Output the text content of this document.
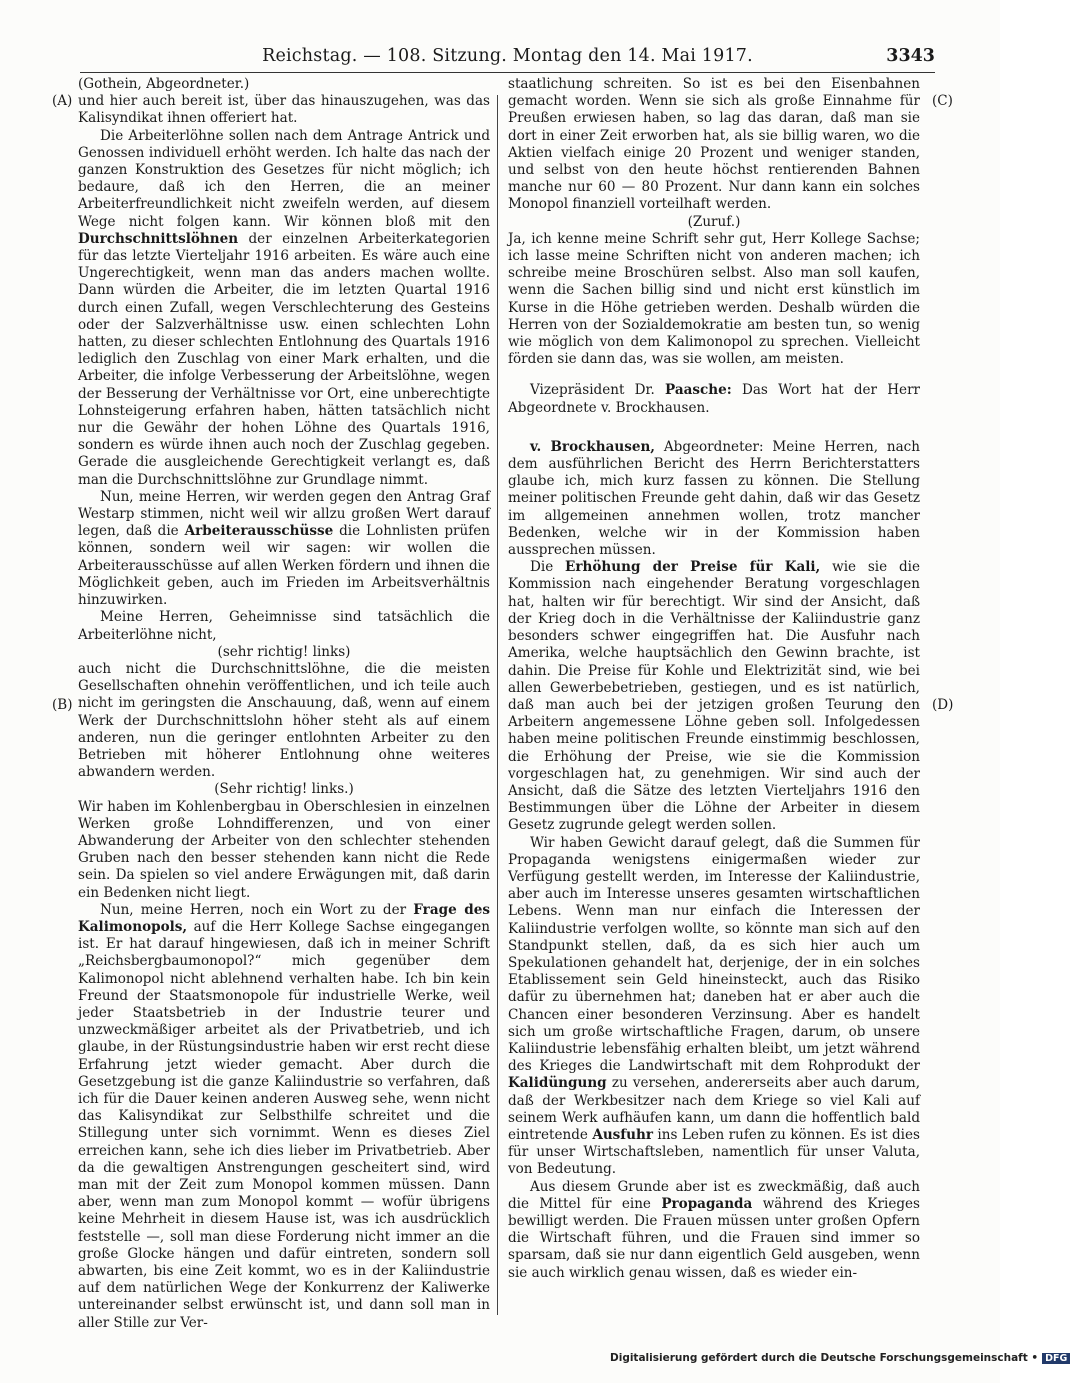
Reichstag. — 108. Sitzung. Montag den 14. Mai 1917.	3343
(A)
(B)
(C)
(D)

(Gothein, Abgeordneter.)

und hier auch bereit ist, über das hinauszugehen, was das Kalisyndikat ihnen offeriert hat.

Die Arbeiterlöhne sollen nach dem Antrage Antrick und Genossen individuell erhöht werden. Ich halte das nach der ganzen Konstruktion des Gesetzes für nicht möglich; ich bedaure, daß ich den Herren, die an meiner Arbeiterfreundlichkeit nicht zweifeln werden, auf diesem Wege nicht folgen kann. Wir können bloß mit den Durchschnittslöhnen der einzelnen Arbeiterkategorien für das letzte Vierteljahr 1916 arbeiten. Es wäre auch eine Ungerechtigkeit, wenn man das anders machen wollte. Dann würden die Arbeiter, die im letzten Quartal 1916 durch einen Zufall, wegen Verschlechterung des Gesteins oder der Salzverhältnisse usw. einen schlechten Lohn hatten, zu dieser schlechten Entlohnung des Quartals 1916 lediglich den Zuschlag von einer Mark erhalten, und die Arbeiter, die infolge Verbesserung der Arbeitslöhne, wegen der Besserung der Verhältnisse vor Ort, eine unberechtigte Lohnsteigerung erfahren haben, hätten tatsächlich nicht nur die Gewähr der hohen Löhne des Quartals 1916, sondern es würde ihnen auch noch der Zuschlag gegeben. Gerade die ausgleichende Gerechtigkeit verlangt es, daß man die Durchschnittslöhne zur Grundlage nimmt.

Nun, meine Herren, wir werden gegen den Antrag Graf Westarp stimmen, nicht weil wir allzu großen Wert darauf legen, daß die Arbeiterausschüsse die Lohnlisten prüfen können, sondern weil wir sagen: wir wollen die Arbeiterausschüsse auf allen Werken fördern und ihnen die Möglichkeit geben, auch im Frieden im Arbeitsverhältnis hinzuwirken.

Meine Herren, Geheimnisse sind tatsächlich die Arbeiterlöhne nicht,

(sehr richtig! links)

auch nicht die Durchschnittslöhne, die die meisten Gesellschaften ohnehin veröffentlichen, und ich teile auch nicht im geringsten die Anschauung, daß, wenn auf einem Werk der Durchschnittslohn höher steht als auf einem anderen, nun die geringer entlohnten Arbeiter zu den Betrieben mit höherer Entlohnung ohne weiteres abwandern werden.

(Sehr richtig! links.)

Wir haben im Kohlenbergbau in Oberschlesien in einzelnen Werken große Lohndifferenzen, und von einer Abwanderung der Arbeiter von den schlechter stehenden Gruben nach den besser stehenden kann nicht die Rede sein. Da spielen so viel andere Erwägungen mit, daß darin ein Bedenken nicht liegt.

Nun, meine Herren, noch ein Wort zu der Frage des Kalimonopols, auf die Herr Kollege Sachse eingegangen ist. Er hat darauf hingewiesen, daß ich in meiner Schrift „Reichsbergbaumonopol?“ mich gegenüber dem Kalimonopol nicht ablehnend verhalten habe. Ich bin kein Freund der Staatsmonopole für industrielle Werke, weil jeder Staatsbetrieb in der Industrie teurer und unzweckmäßiger arbeitet als der Privatbetrieb, und ich glaube, in der Rüstungsindustrie haben wir erst recht diese Erfahrung jetzt wieder gemacht. Aber durch die Gesetzgebung ist die ganze Kaliindustrie so verfahren, daß ich für die Dauer keinen anderen Ausweg sehe, wenn nicht das Kalisyndikat zur Selbsthilfe schreitet und die Stillegung unter sich vornimmt. Wenn es dieses Ziel erreichen kann, sehe ich dies lieber im Privatbetrieb. Aber da die gewaltigen Anstrengungen gescheitert sind, wird man mit der Zeit zum Monopol kommen müssen. Dann aber, wenn man zum Monopol kommt — wofür übrigens keine Mehrheit in diesem Hause ist, was ich ausdrücklich feststelle —, soll man diese Forderung nicht immer an die große Glocke hängen und dafür eintreten, sondern soll abwarten, bis eine Zeit kommt, wo es in der Kaliindustrie auf dem natürlichen Wege der Konkurrenz der Kaliwerke untereinander selbst erwünscht ist, und dann soll man in aller Stille zur Ver-

staatlichung schreiten. So ist es bei den Eisenbahnen gemacht worden. Wenn sie sich als große Einnahme für Preußen erwiesen haben, so lag das daran, daß man sie dort in einer Zeit erworben hat, als sie billig waren, wo die Aktien vielfach einige 20 Prozent und weniger standen, und selbst von den heute höchst rentierenden Bahnen manche nur 60 — 80 Prozent. Nur dann kann ein solches Monopol finanziell vorteilhaft werden.

(Zuruf.)

Ja, ich kenne meine Schrift sehr gut, Herr Kollege Sachse; ich lasse meine Schriften nicht von anderen machen; ich schreibe meine Broschüren selbst. Also man soll kaufen, wenn die Sachen billig sind und nicht erst künstlich im Kurse in die Höhe getrieben werden. Deshalb würden die Herren von der Sozialdemokratie am besten tun, so wenig wie möglich von dem Kalimonopol zu sprechen. Vielleicht förden sie dann das, was sie wollen, am meisten.

Vizepräsident Dr. Paasche: Das Wort hat der Herr Abgeordnete v. Brockhausen.

v. Brockhausen, Abgeordneter: Meine Herren, nach dem ausführlichen Bericht des Herrn Berichterstatters glaube ich, mich kurz fassen zu können. Die Stellung meiner politischen Freunde geht dahin, daß wir das Gesetz im allgemeinen annehmen wollen, trotz mancher Bedenken, welche wir in der Kommission haben aussprechen müssen.

Die Erhöhung der Preise für Kali, wie sie die Kommission nach eingehender Beratung vorgeschlagen hat, halten wir für berechtigt. Wir sind der Ansicht, daß der Krieg doch in die Verhältnisse der Kaliindustrie ganz besonders schwer eingegriffen hat. Die Ausfuhr nach Amerika, welche hauptsächlich den Gewinn brachte, ist dahin. Die Preise für Kohle und Elektrizität sind, wie bei allen Gewerbebetrieben, gestiegen, und es ist natürlich, daß man auch bei der jetzigen großen Teurung den Arbeitern angemessene Löhne geben soll. Infolgedessen haben meine politischen Freunde einstimmig beschlossen, die Erhöhung der Preise, wie sie die Kommission vorgeschlagen hat, zu genehmigen. Wir sind auch der Ansicht, daß die Sätze des letzten Vierteljahrs 1916 den Bestimmungen über die Löhne der Arbeiter in diesem Gesetz zugrunde gelegt werden sollen.

Wir haben Gewicht darauf gelegt, daß die Summen für Propaganda wenigstens einigermaßen wieder zur Verfügung gestellt werden, im Interesse der Kaliindustrie, aber auch im Interesse unseres gesamten wirtschaftlichen Lebens. Wenn man nur einfach die Interessen der Kaliindustrie verfolgen wollte, so könnte man sich auf den Standpunkt stellen, daß, da es sich hier auch um Spekulationen gehandelt hat, derjenige, der in ein solches Etablissement sein Geld hineinsteckt, auch das Risiko dafür zu übernehmen hat; daneben hat er aber auch die Chancen einer besonderen Verzinsung. Aber es handelt sich um große wirtschaftliche Fragen, darum, ob unsere Kaliindustrie lebensfähig erhalten bleibt, um jetzt während des Krieges die Landwirtschaft mit dem Rohprodukt der Kalidüngung zu versehen, andererseits aber auch darum, daß der Werkbesitzer nach dem Kriege so viel Kali auf seinem Werk aufhäufen kann, um dann die hoffentlich bald eintretende Ausfuhr ins Leben rufen zu können. Es ist dies für unser Wirtschaftsleben, namentlich für unser Valuta, von Bedeutung.

Aus diesem Grunde aber ist es zweckmäßig, daß auch die Mittel für eine Propaganda während des Krieges bewilligt werden. Die Frauen müssen unter großen Opfern die Wirtschaft führen, und die Frauen sind immer so sparsam, daß sie nur dann eigentlich Geld ausgeben, wenn sie auch wirklich genau wissen, daß es wieder ein-

Digitalisierung gefördert durch die Deutsche Forschungsgemeinschaft • DFG
